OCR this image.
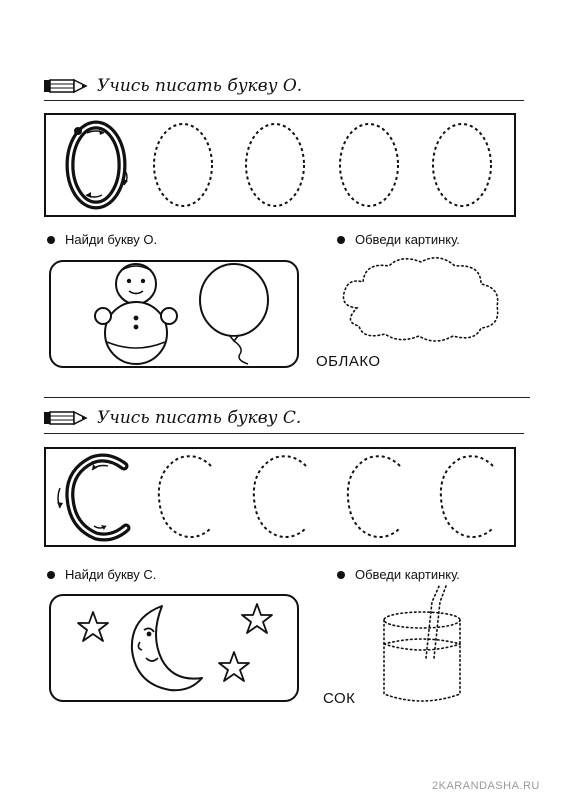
Учись писать букву О.
Найди букву О.	Обведи картинку.
ОБЛАКО
Учись писать букву С.
Найди букву С.	Обведи картинку.
СОК
2KARANDASHA.RU
